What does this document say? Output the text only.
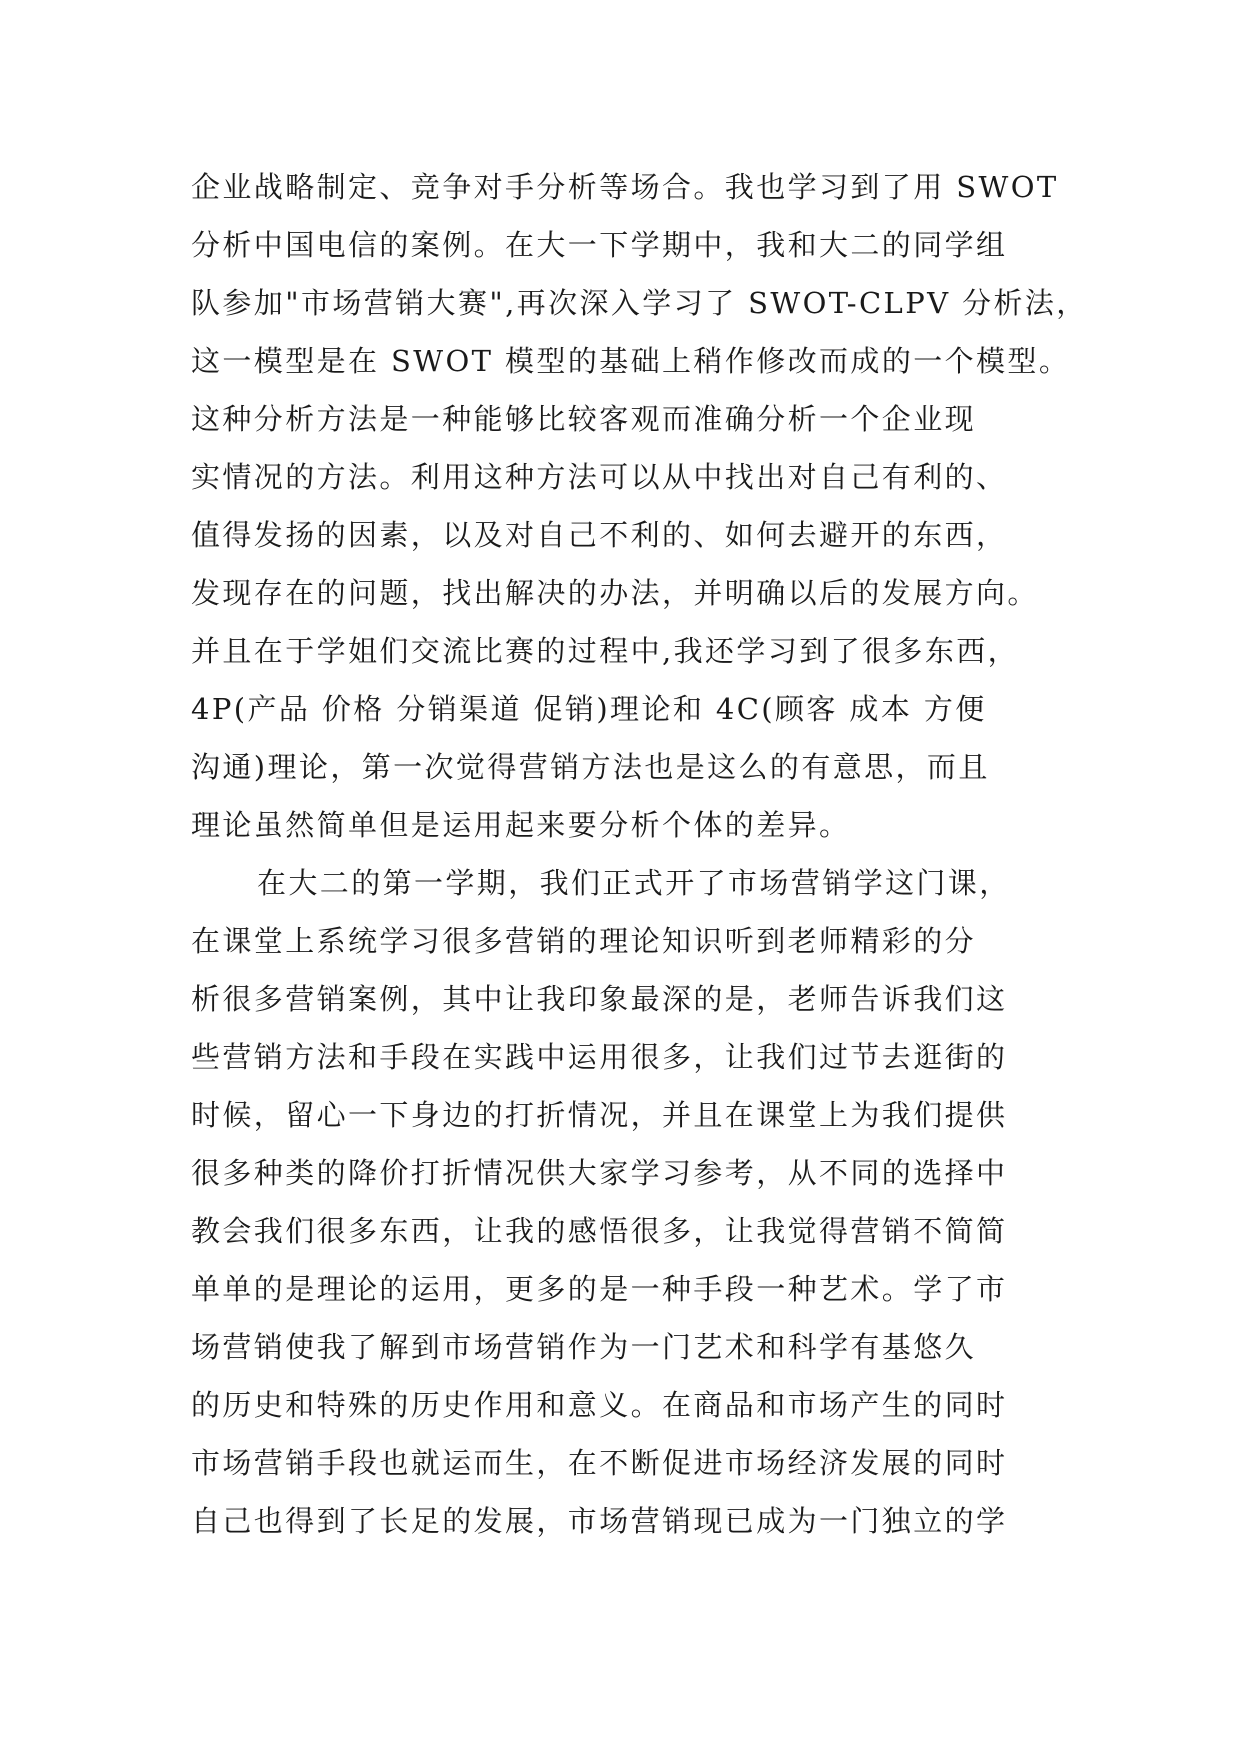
企业战略制定、竞争对手分析等场合。我也学习到了用 SWOT
分析中国电信的案例。在大一下学期中，我和大二的同学组
队参加"市场营销大赛",再次深入学习了 SWOT-CLPV 分析法，
这一模型是在 SWOT 模型的基础上稍作修改而成的一个模型。
这种分析方法是一种能够比较客观而准确分析一个企业现
实情况的方法。利用这种方法可以从中找出对自己有利的、
值得发扬的因素，以及对自己不利的、如何去避开的东西，
发现存在的问题，找出解决的办法，并明确以后的发展方向。
并且在于学姐们交流比赛的过程中,我还学习到了很多东西，
4P(产品 价格 分销渠道 促销)理论和 4C(顾客 成本 方便
沟通)理论，第一次觉得营销方法也是这么的有意思，而且
理论虽然简单但是运用起来要分析个体的差异。
在大二的第一学期，我们正式开了市场营销学这门课，
在课堂上系统学习很多营销的理论知识听到老师精彩的分
析很多营销案例，其中让我印象最深的是，老师告诉我们这
些营销方法和手段在实践中运用很多，让我们过节去逛街的
时候，留心一下身边的打折情况，并且在课堂上为我们提供
很多种类的降价打折情况供大家学习参考，从不同的选择中
教会我们很多东西，让我的感悟很多，让我觉得营销不简简
单单的是理论的运用，更多的是一种手段一种艺术。学了市
场营销使我了解到市场营销作为一门艺术和科学有基悠久
的历史和特殊的历史作用和意义。在商品和市场产生的同时
市场营销手段也就运而生，在不断促进市场经济发展的同时
自己也得到了长足的发展，市场营销现已成为一门独立的学
